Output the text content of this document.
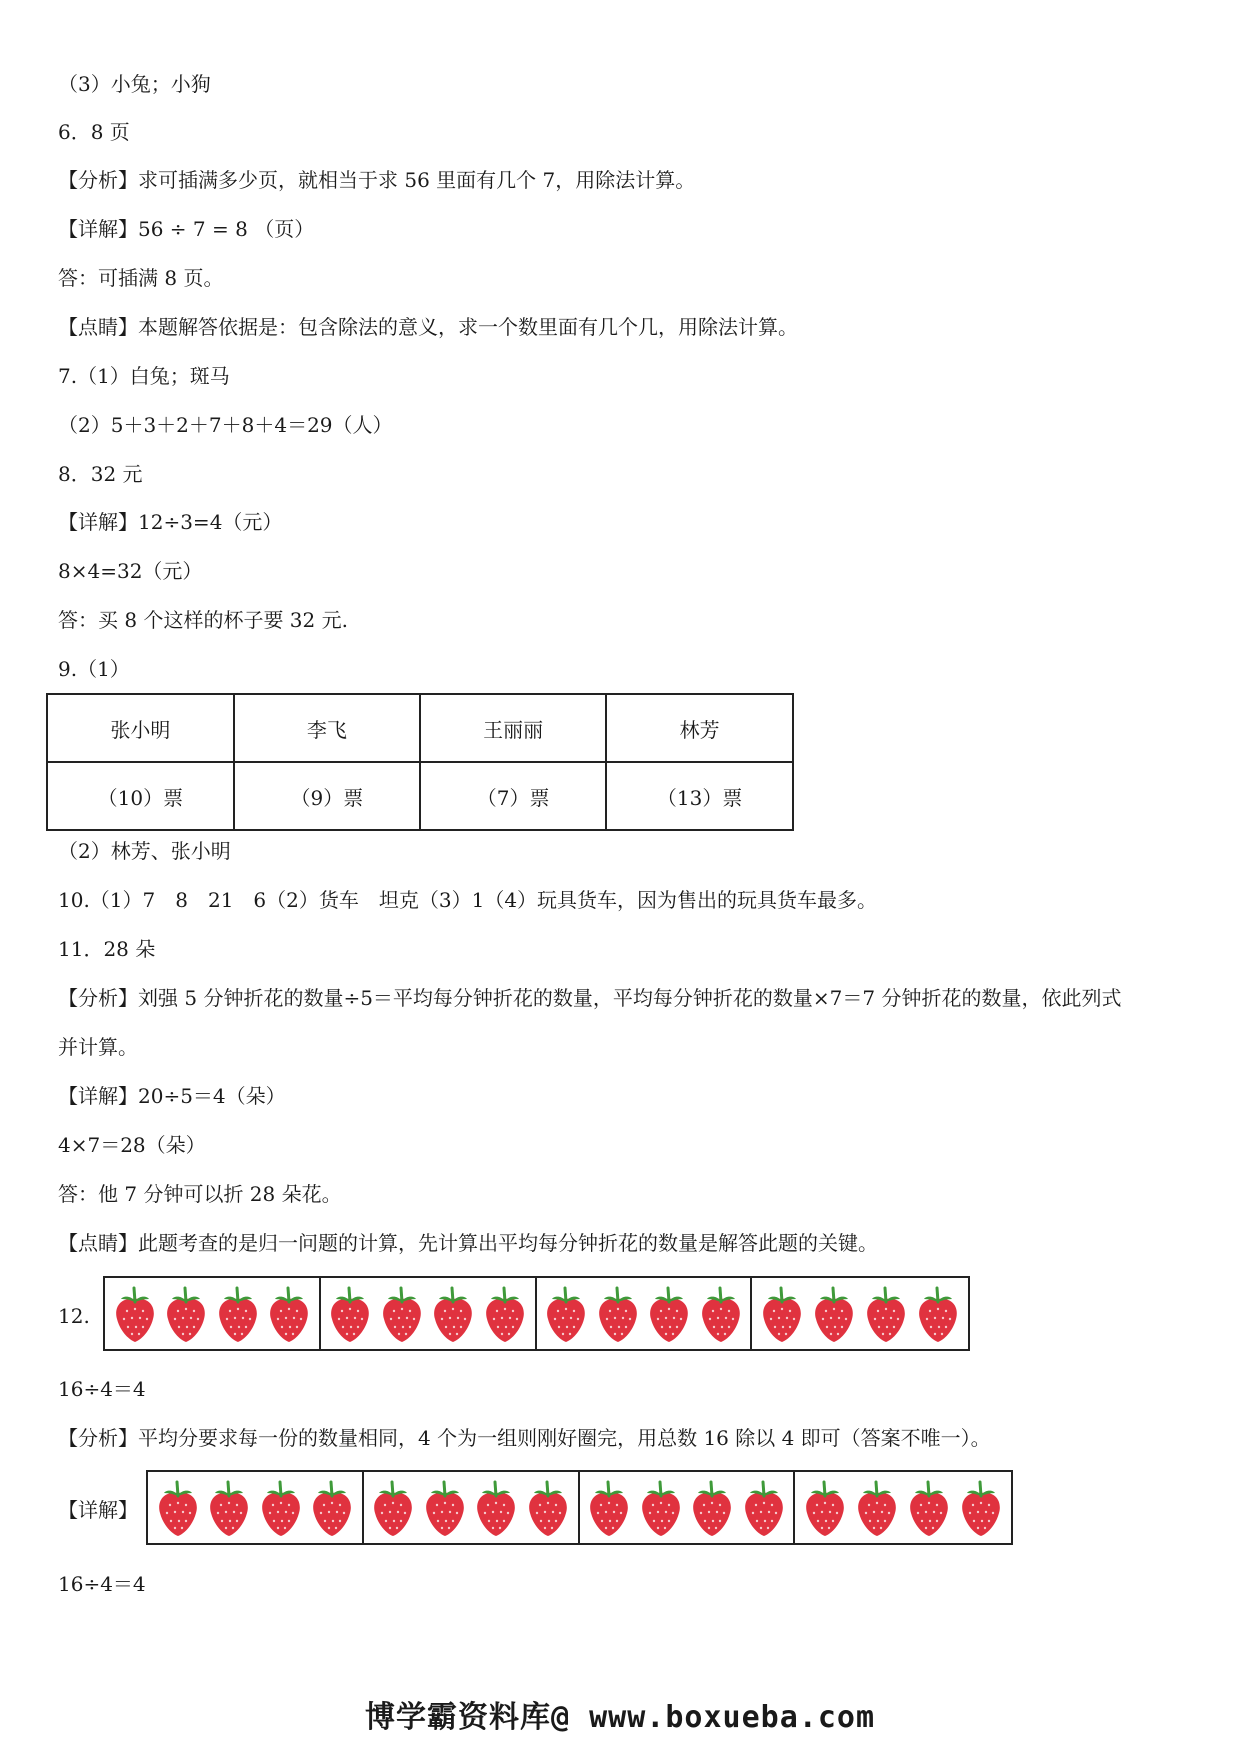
（3）小兔；小狗
6．8 页
【分析】求可插满多少页，就相当于求 56 里面有几个 7，用除法计算。
【详解】56 ÷ 7 = 8 （页）
答：可插满 8 页。
【点睛】本题解答依据是：包含除法的意义，求一个数里面有几个几，用除法计算。
7.（1）白兔；斑马
（2）5＋3＋2＋7＋8＋4＝29（人）
8．32 元
【详解】12÷3=4（元）
8×4=32（元）
答：买 8 个这样的杯子要 32 元.
9.（1）
张小明	李飞	王丽丽	林芳
（10）票	（9）票	（7）票	（13）票
（2）林芳、张小明
10.（1）7　8　21　6（2）货车　坦克（3）1（4）玩具货车，因为售出的玩具货车最多。
11．28 朵
【分析】刘强 5 分钟折花的数量÷5＝平均每分钟折花的数量，平均每分钟折花的数量×7＝7 分钟折花的数量，依此列式
并计算。
【详解】20÷5＝4（朵）
4×7＝28（朵）
答：他 7 分钟可以折 28 朵花。
【点睛】此题考查的是归一问题的计算，先计算出平均每分钟折花的数量是解答此题的关键。
12.
16÷4＝4
【分析】平均分要求每一份的数量相同，4 个为一组则刚好圈完，用总数 16 除以 4 即可（答案不唯一）。
【详解】
16÷4＝4
博学霸资料库@ www.boxueba.com
